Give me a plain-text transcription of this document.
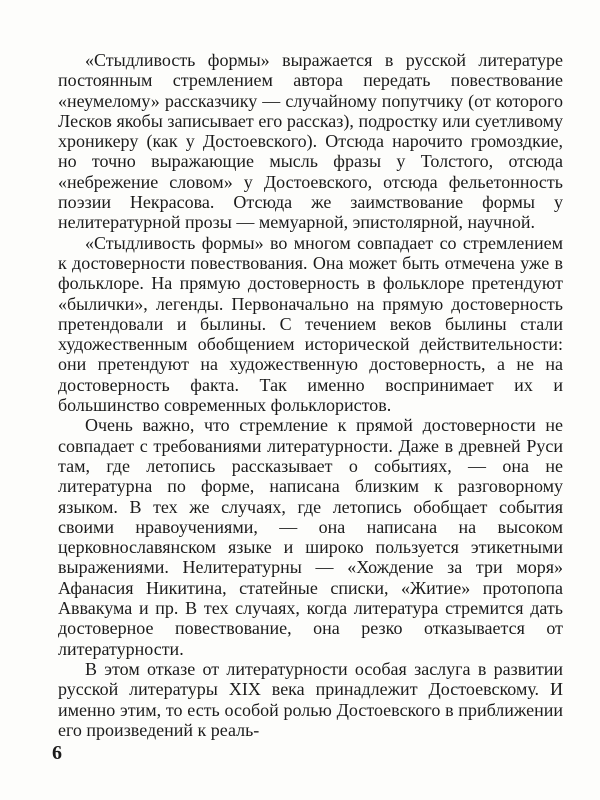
«Стыдливость формы» выражается в русской литературе постоянным стремлением автора передать повествование «неумелому» рассказчику — случайному попутчику (от которого Лесков якобы записывает его рассказ), подростку или суетливому хроникеру (как у Достоевского). Отсюда нарочито громоздкие, но точно выражающие мысль фразы у Толстого, отсюда «небрежение словом» у Достоевского, отсюда фельетонность поэзии Некрасова. Отсюда же заимствование формы у нелитературной прозы — мемуарной, эпистолярной, научной.

«Стыдливость формы» во многом совпадает со стремлением к достоверности повествования. Она может быть отмечена уже в фольклоре. На прямую достоверность в фольклоре претендуют «былички», легенды. Первоначально на прямую достоверность претендовали и былины. С течением веков былины стали художественным обобщением исторической действительности: они претендуют на художественную достоверность, а не на достоверность факта. Так именно воспринимает их и большинство современных фольклористов.

Очень важно, что стремление к прямой достоверности не совпадает с требованиями литературности. Даже в древней Руси там, где летопись рассказывает о событиях, — она не литературна по форме, написана близким к разговорному языком. В тех же случаях, где летопись обобщает события своими нравоучениями, — она написана на высоком церковнославянском языке и широко пользуется этикетными выражениями. Нелитературны — «Хождение за три моря» Афанасия Никитина, статейные списки, «Житие» протопопа Аввакума и пр. В тех случаях, когда литература стремится дать достоверное повествование, она резко отказывается от литературности.

В этом отказе от литературности особая заслуга в развитии русской литературы XIX века принадлежит Достоевскому. И именно этим, то есть особой ролью Достоевского в приближении его произведений к реаль-

6
